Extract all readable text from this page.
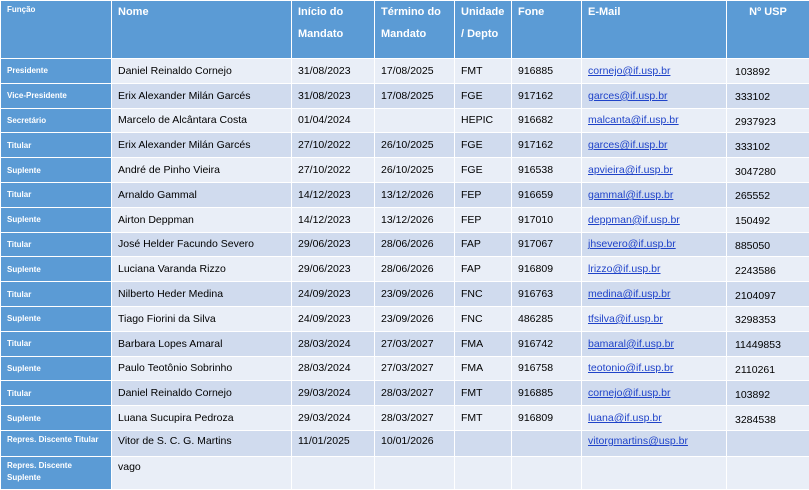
Função	Nome	Início do Mandato	Término do Mandato	Unidade / Depto	Fone	E-Mail	Nº USP
Presidente	Daniel Reinaldo Cornejo	31/08/2023	17/08/2025	FMT	916885	cornejo@if.usp.br	103892
Vice-Presidente	Erix Alexander Milán Garcés	31/08/2023	17/08/2025	FGE	917162	garces@if.usp.br	333102
Secretário	Marcelo de Alcântara Costa	01/04/2024		HEPIC	916682	malcanta@if.usp.br	2937923
Titular	Erix Alexander Milán Garcés	27/10/2022	26/10/2025	FGE	917162	garces@if.usp.br	333102
Suplente	André de Pinho Vieira	27/10/2022	26/10/2025	FGE	916538	apvieira@if.usp.br	3047280
Titular	Arnaldo Gammal	14/12/2023	13/12/2026	FEP	916659	gammal@if.usp.br	265552
Suplente	Airton Deppman	14/12/2023	13/12/2026	FEP	917010	deppman@if.usp.br	150492
Titular	José Helder Facundo Severo	29/06/2023	28/06/2026	FAP	917067	jhsevero@if.usp.br	885050
Suplente	Luciana Varanda Rizzo	29/06/2023	28/06/2026	FAP	916809	lrizzo@if.usp.br	2243586
Titular	Nilberto Heder Medina	24/09/2023	23/09/2026	FNC	916763	medina@if.usp.br	2104097
Suplente	Tiago Fiorini da Silva	24/09/2023	23/09/2026	FNC	486285	tfsilva@if.usp.br	3298353
Titular	Barbara Lopes Amaral	28/03/2024	27/03/2027	FMA	916742	bamaral@if.usp.br	11449853
Suplente	Paulo Teotônio Sobrinho	28/03/2024	27/03/2027	FMA	916758	teotonio@if.usp.br	2110261
Titular	Daniel Reinaldo Cornejo	29/03/2024	28/03/2027	FMT	916885	cornejo@if.usp.br	103892
Suplente	Luana Sucupira Pedroza	29/03/2024	28/03/2027	FMT	916809	luana@if.usp.br	3284538
Repres. Discente Titular	Vitor de S. C. G. Martins	11/01/2025	10/01/2026			vitorgmartins@usp.br	
Repres. Discente Suplente	vago						
